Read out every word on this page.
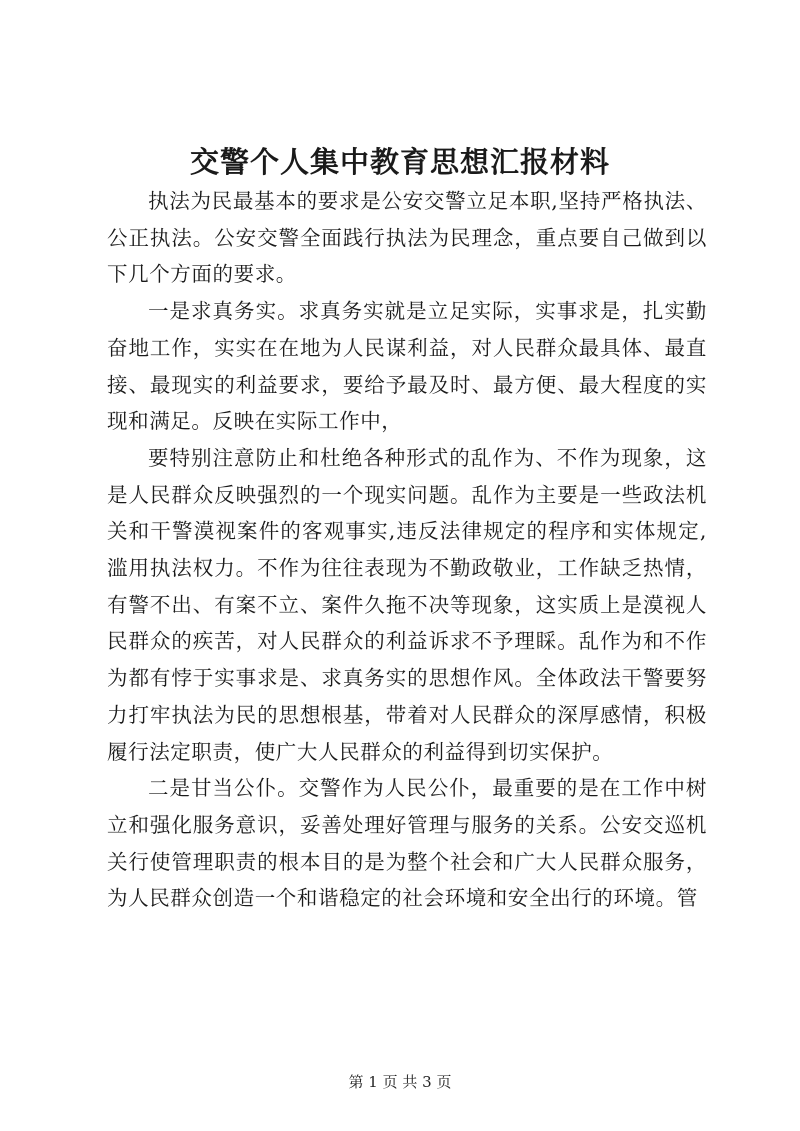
交警个人集中教育思想汇报材料

执法为民最基本的要求是公安交警立足本职,坚持严格执法、公正执法。公安交警全面践行执法为民理念，重点要自己做到以下几个方面的要求。

一是求真务实。求真务实就是立足实际，实事求是，扎实勤奋地工作，实实在在地为人民谋利益，对人民群众最具体、最直接、最现实的利益要求，要给予最及时、最方便、最大程度的实现和满足。反映在实际工作中，

要特别注意防止和杜绝各种形式的乱作为、不作为现象，这是人民群众反映强烈的一个现实问题。乱作为主要是一些政法机关和干警漠视案件的客观事实,违反法律规定的程序和实体规定,滥用执法权力。不作为往往表现为不勤政敬业，工作缺乏热情，有警不出、有案不立、案件久拖不决等现象，这实质上是漠视人民群众的疾苦，对人民群众的利益诉求不予理睬。乱作为和不作为都有悖于实事求是、求真务实的思想作风。全体政法干警要努力打牢执法为民的思想根基，带着对人民群众的深厚感情，积极履行法定职责，使广大人民群众的利益得到切实保护。

二是甘当公仆。交警作为人民公仆，最重要的是在工作中树立和强化服务意识，妥善处理好管理与服务的关系。公安交巡机关行使管理职责的根本目的是为整个社会和广大人民群众服务，为人民群众创造一个和谐稳定的社会环境和安全出行的环境。管

第 1 页 共 3 页
